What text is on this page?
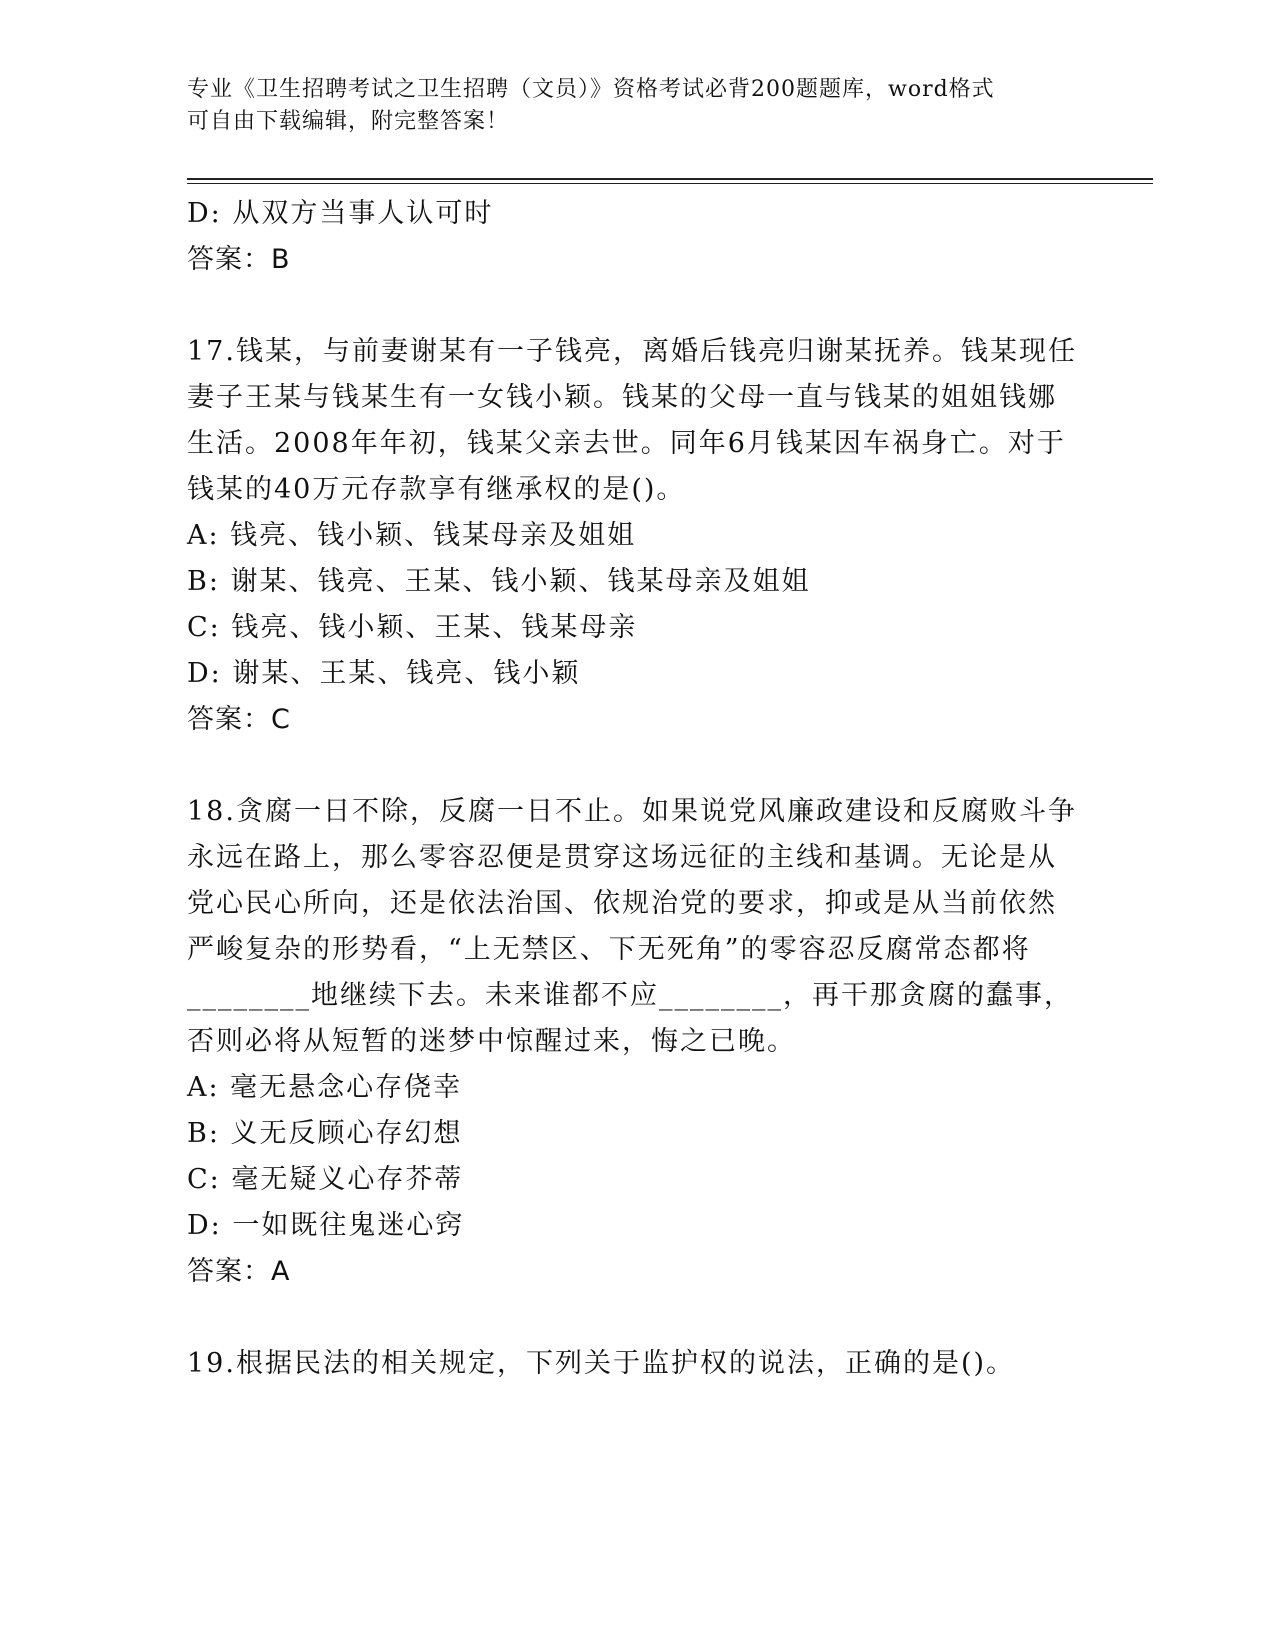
专业《卫生招聘考试之卫生招聘（文员）》资格考试必背200题题库，word格式
可自由下载编辑，附完整答案！
D: 从双方当事人认可时
答案：B
17.钱某，与前妻谢某有一子钱亮，离婚后钱亮归谢某抚养。钱某现任
妻子王某与钱某生有一女钱小颖。钱某的父母一直与钱某的姐姐钱娜
生活。2008年年初，钱某父亲去世。同年6月钱某因车祸身亡。对于
钱某的40万元存款享有继承权的是()。
A: 钱亮、钱小颖、钱某母亲及姐姐
B: 谢某、钱亮、王某、钱小颖、钱某母亲及姐姐
C: 钱亮、钱小颖、王某、钱某母亲
D: 谢某、王某、钱亮、钱小颖
答案：C
18.贪腐一日不除，反腐一日不止。如果说党风廉政建设和反腐败斗争
永远在路上，那么零容忍便是贯穿这场远征的主线和基调。无论是从
党心民心所向，还是依法治国、依规治党的要求，抑或是从当前依然
严峻复杂的形势看，“上无禁区、下无死角”的零容忍反腐常态都将
________地继续下去。未来谁都不应________，再干那贪腐的蠢事，
否则必将从短暂的迷梦中惊醒过来，悔之已晚。
A: 毫无悬念心存侥幸
B: 义无反顾心存幻想
C: 毫无疑义心存芥蒂
D: 一如既往鬼迷心窍
答案：A
19.根据民法的相关规定，下列关于监护权的说法，正确的是()。
